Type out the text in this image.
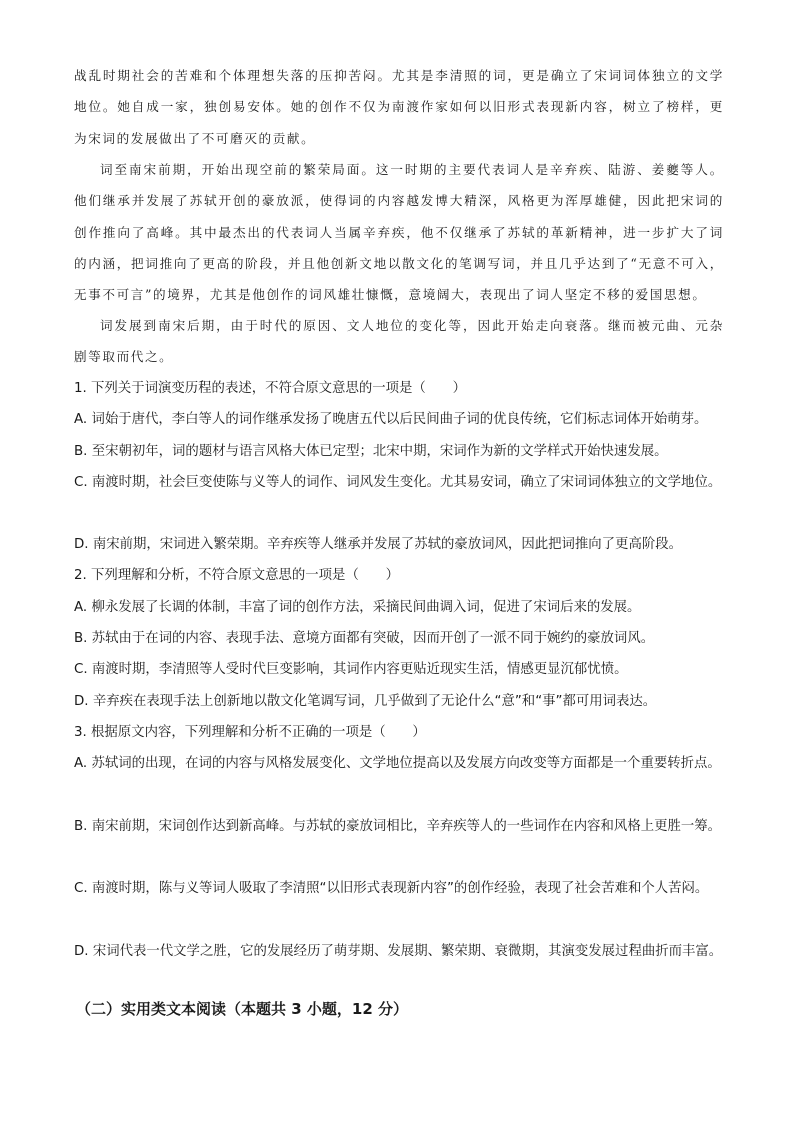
战乱时期社会的苦难和个体理想失落的压抑苦闷。尤其是李清照的词，更是确立了宋词词体独立的文学地位。她自成一家，独创易安体。她的创作不仅为南渡作家如何以旧形式表现新内容，树立了榜样，更为宋词的发展做出了不可磨灭的贡献。

词至南宋前期，开始出现空前的繁荣局面。这一时期的主要代表词人是辛弃疾、陆游、姜夔等人。他们继承并发展了苏轼开创的豪放派，使得词的内容越发博大精深，风格更为浑厚雄健，因此把宋词的创作推向了高峰。其中最杰出的代表词人当属辛弃疾，他不仅继承了苏轼的革新精神，进一步扩大了词的内涵，把词推向了更高的阶段，并且他创新文地以散文化的笔调写词，并且几乎达到了“无意不可入，无事不可言”的境界，尤其是他创作的词风雄壮慷慨，意境阔大，表现出了词人坚定不移的爱国思想。

词发展到南宋后期，由于时代的原因、文人地位的变化等，因此开始走向衰落。继而被元曲、元杂剧等取而代之。

1. 下列关于词演变历程的表述，不符合原文意思的一项是（　　）

A. 词始于唐代，李白等人的词作继承发扬了晚唐五代以后民间曲子词的优良传统，它们标志词体开始萌芽。

B. 至宋朝初年，词的题材与语言风格大体已定型；北宋中期，宋词作为新的文学样式开始快速发展。

C. 南渡时期，社会巨变使陈与义等人的词作、词风发生变化。尤其易安词，确立了宋词词体独立的文学地位。

D. 南宋前期，宋词进入繁荣期。辛弃疾等人继承并发展了苏轼的豪放词风，因此把词推向了更高阶段。

2. 下列理解和分析，不符合原文意思的一项是（　　）

A. 柳永发展了长调的体制，丰富了词的创作方法，采摘民间曲调入词，促进了宋词后来的发展。

B. 苏轼由于在词的内容、表现手法、意境方面都有突破，因而开创了一派不同于婉约的豪放词风。

C. 南渡时期，李清照等人受时代巨变影响，其词作内容更贴近现实生活，情感更显沉郁忧愤。

D. 辛弃疾在表现手法上创新地以散文化笔调写词，几乎做到了无论什么“意”和“事”都可用词表达。

3. 根据原文内容，下列理解和分析不正确的一项是（　　）

A. 苏轼词的出现，在词的内容与风格发展变化、文学地位提高以及发展方向改变等方面都是一个重要转折点。

B. 南宋前期，宋词创作达到新高峰。与苏轼的豪放词相比，辛弃疾等人的一些词作在内容和风格上更胜一筹。

C. 南渡时期，陈与义等词人吸取了李清照“以旧形式表现新内容”的创作经验，表现了社会苦难和个人苦闷。

D. 宋词代表一代文学之胜，它的发展经历了萌芽期、发展期、繁荣期、衰微期，其演变发展过程曲折而丰富。

（二）实用类文本阅读（本题共 3 小题，12 分）
